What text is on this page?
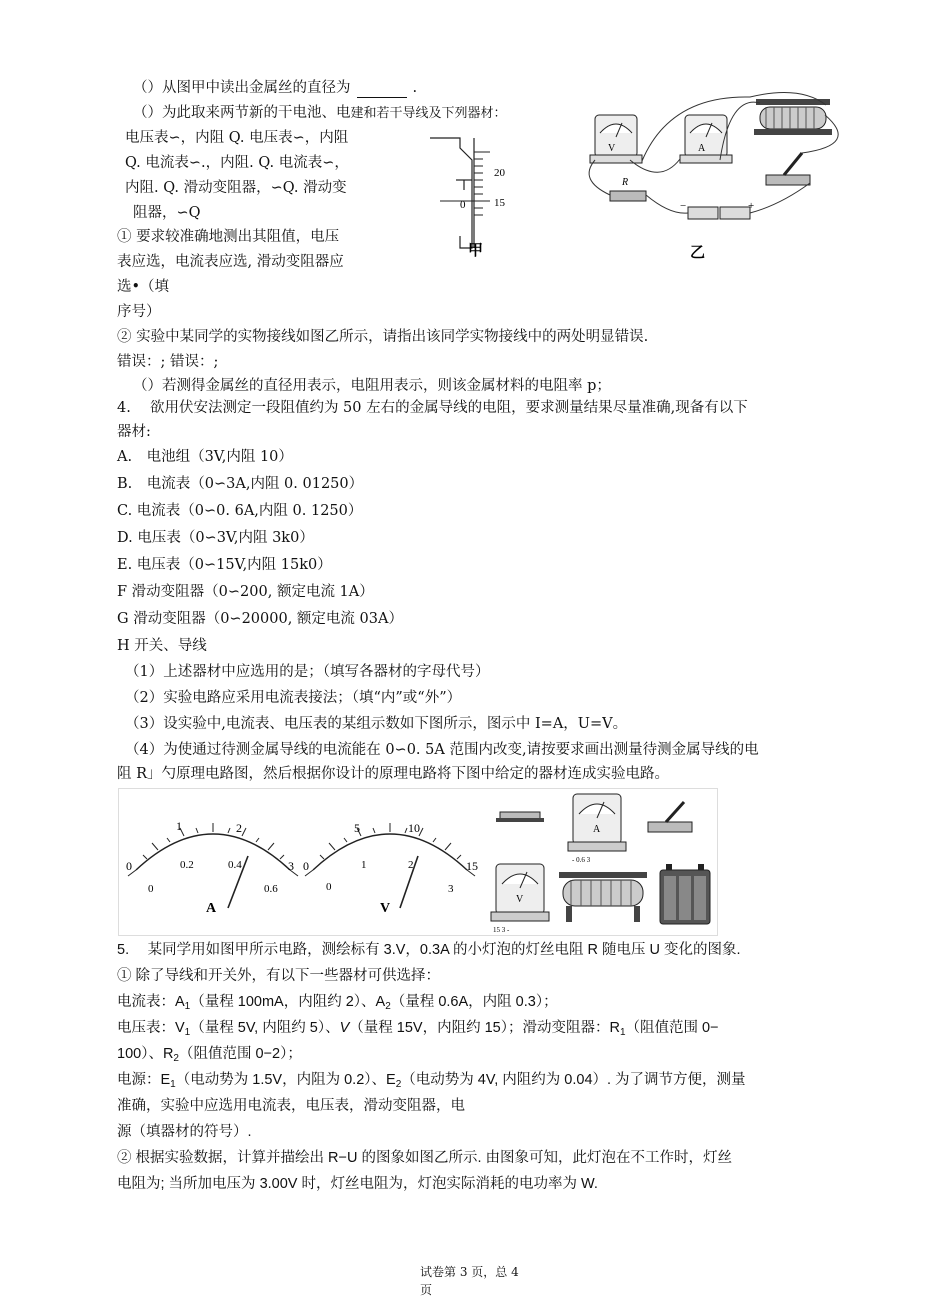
（）从图甲中读出金属丝的直径为	.
（）为此取来两节新的干电池、电建和若干导线及下列器材：
电压表∽，内阻 Q. 电压表∽，内阻
Q. 电流表∽.，内阻. Q. 电流表∽，
内阻. Q. 滑动变阻器，∽Q. 滑动变
阻器，∽Q
① 要求较准确地测出其阻值，电压
表应选，电流表应选, 滑动变阻器应
选•（填
序号）
② 实验中某同学的实物接线如图乙所示，请指出该同学实物接线中的两处明显错误.
错误：; 错误：;
（）若测得金属丝的直径用表示，电阻用表示，则该金属材料的电阻率 p；
20
15
0
甲
V	A
R
−	+
乙
4.　 欲用伏安法测定一段阻值约为 50 左右的金属导线的电阻，要求测量结果尽量准确,现备有以下
器材:
A.　电池组（3V,内阻 10）
B.　电流表（0∽3A,内阻 0. 01250）
C. 电流表（0∽0. 6A,内阻 0. 1250）
D. 电压表（0∽3V,内阻 3k0）
E. 电压表（0∽15V,内阻 15k0）
F 滑动变阻器（0∽200, 额定电流 1A）
G 滑动变阻器（0∽20000, 额定电流 03A）
H 开关、导线
（1）上述器材中应选用的是；（填写各器材的字母代号）
（2）实验电路应采用电流表接法；（填“内”或“外”）
（3）设实验中,电流表、电压表的某组示数如下图所示，图示中 I=A，U=V。
（4）为使通过待测金属导线的电流能在 0∽0. 5A 范围内改变,请按要求画出测量待测金属导线的电
阻 R」勺原理电路图，然后根据你设计的原理电路将下图中给定的器材连成实验电路。
0
1	2
3
0
0.2	0.4
0.6
A
0
5	10
15
0
1	2
3
V
A
- 0.6 3
V
15 3 -
5.　 某同学用如图甲所示电路，测绘标有 3.V，0.3A 的小灯泡的灯丝电阻 R 随电压 U 变化的图象.
① 除了导线和开关外，有以下一些器材可供选择：
电流表：$A_1$（量程 100mA，内阻约 2）、$A_2$（量程 0.6A，内阻 0.3）；
电压表：$V_1$（量程 5V, 内阻约 5）、V（量程 15V，内阻约 15）；滑动变阻器：$R_1$（阻值范围 0−
100）、$R_2$（阻值范围 0−2）；
电源：$E_1$（电动势为 1.5V，内阻为 0.2）、$E_2$（电动势为 4V, 内阻约为 0.04）. 为了调节方便，测量
准确，实验中应选用电流表，电压表，滑动变阻器，电
源（填器材的符号）.
② 根据实验数据，计算并描绘出 R−U 的图象如图乙所示. 由图象可知，此灯泡在不工作时，灯丝
电阻为; 当所加电压为 3.00V 时，灯丝电阻为，灯泡实际消耗的电功率为 W.
试卷第 3 页，总 4
页
